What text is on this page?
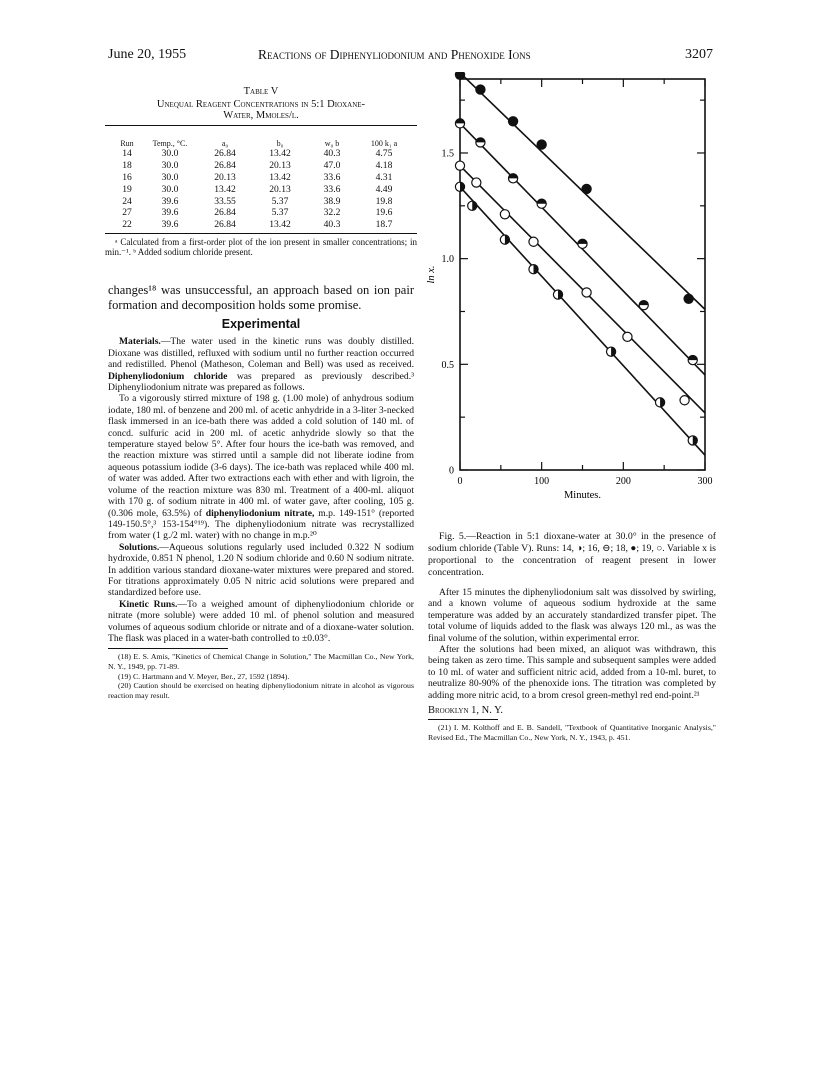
June 20, 1955	Reactions of Diphenyliodonium and Phenoxide Ions	3207
Table V
Unequal Reagent Concentrations in 5:1 Dioxane-
Water, Mmoles/l.
Run	Temp., °C.	a₀	b₀	w₀ b	100 k₁ a
14	30.0	26.84	13.42	40.3	4.75
18	30.0	26.84	20.13	47.0	4.18
16	30.0	20.13	13.42	33.6	4.31
19	30.0	13.42	20.13	33.6	4.49
24	39.6	33.55	5.37	38.9	19.8
27	39.6	26.84	5.37	32.2	19.6
22	39.6	26.84	13.42	40.3	18.7

ᵃ Calculated from a first-order plot of the ion present in smaller concentrations; in min.⁻¹. ᵇ Added sodium chloride present.

changes¹⁸ was unsuccessful, an approach based on ion pair formation and decomposition holds some promise.

Experimental

Materials.—The water used in the kinetic runs was doubly distilled. Dioxane was distilled, refluxed with sodium until no further reaction occurred and redistilled. Phenol (Matheson, Coleman and Bell) was used as received. Diphenyliodonium chloride was prepared as previously described.³ Diphenyliodonium nitrate was prepared as follows.

To a vigorously stirred mixture of 198 g. (1.00 mole) of anhydrous sodium iodate, 180 ml. of benzene and 200 ml. of acetic anhydride in a 3-liter 3-necked flask immersed in an ice-bath there was added a cold solution of 140 ml. of concd. sulfuric acid in 200 ml. of acetic anhydride slowly so that the temperature stayed below 5°. After four hours the ice-bath was removed, and the reaction mixture was stirred until a sample did not liberate iodine from aqueous potassium iodide (3-6 days). The ice-bath was replaced while 400 ml. of water was added. After two extractions each with ether and with ligroin, the volume of the reaction mixture was 830 ml. Treatment of a 400-ml. aliquot with 170 g. of sodium nitrate in 400 ml. of water gave, after cooling, 105 g. (0.306 mole, 63.5%) of diphenyliodonium nitrate, m.p. 149-151° (reported 149-150.5°,³ 153-154°¹⁹). The diphenyliodonium nitrate was recrystallized from water (1 g./2 ml. water) with no change in m.p.²⁰

Solutions.—Aqueous solutions regularly used included 0.322 N sodium hydroxide, 0.851 N phenol, 1.20 N sodium chloride and 0.60 N sodium nitrate. In addition various standard dioxane-water mixtures were prepared and stored. For titrations approximately 0.05 N nitric acid solutions were prepared and standardized before use.

Kinetic Runs.—To a weighed amount of diphenyliodonium chloride or nitrate (more soluble) were added 10 ml. of phenol solution and measured volumes of aqueous sodium chloride or nitrate and of a dioxane-water solution. The flask was placed in a water-bath controlled to ±0.03°.

(18) E. S. Amis, "Kinetics of Chemical Change in Solution," The Macmillan Co., New York, N. Y., 1949, pp. 71-89.

(19) C. Hartmann and V. Meyer, Ber., 27, 1592 (1894).

(20) Caution should be exercised on heating diphenyliodonium nitrate in alcohol as vigorous reaction may result.

0	100	200	300
0
0.5
1.0
1.5
Minutes.
ln x.

Fig. 5.—Reaction in 5:1 dioxane-water at 30.0° in the presence of sodium chloride (Table V). Runs: 14, ◑; 16, ⊖; 18, ●; 19, ○. Variable x is proportional to the concentration of reagent present in lower concentration.

After 15 minutes the diphenyliodonium salt was dissolved by swirling, and a known volume of aqueous sodium hydroxide at the same temperature was added by an accurately standardized transfer pipet. The total volume of liquids added to the flask was always 120 ml., as was the final volume of the solution, within experimental error.

After the solutions had been mixed, an aliquot was withdrawn, this being taken as zero time. This sample and subsequent samples were added to 10 ml. of water and sufficient nitric acid, added from a 10-ml. buret, to neutralize 80-90% of the phenoxide ions. The titration was completed by adding more nitric acid, to a brom cresol green-methyl red end-point.²¹

Brooklyn 1, N. Y.

(21) I. M. Kolthoff and E. B. Sandell, "Textbook of Quantitative Inorganic Analysis," Revised Ed., The Macmillan Co., New York, N. Y., 1943, p. 451.
